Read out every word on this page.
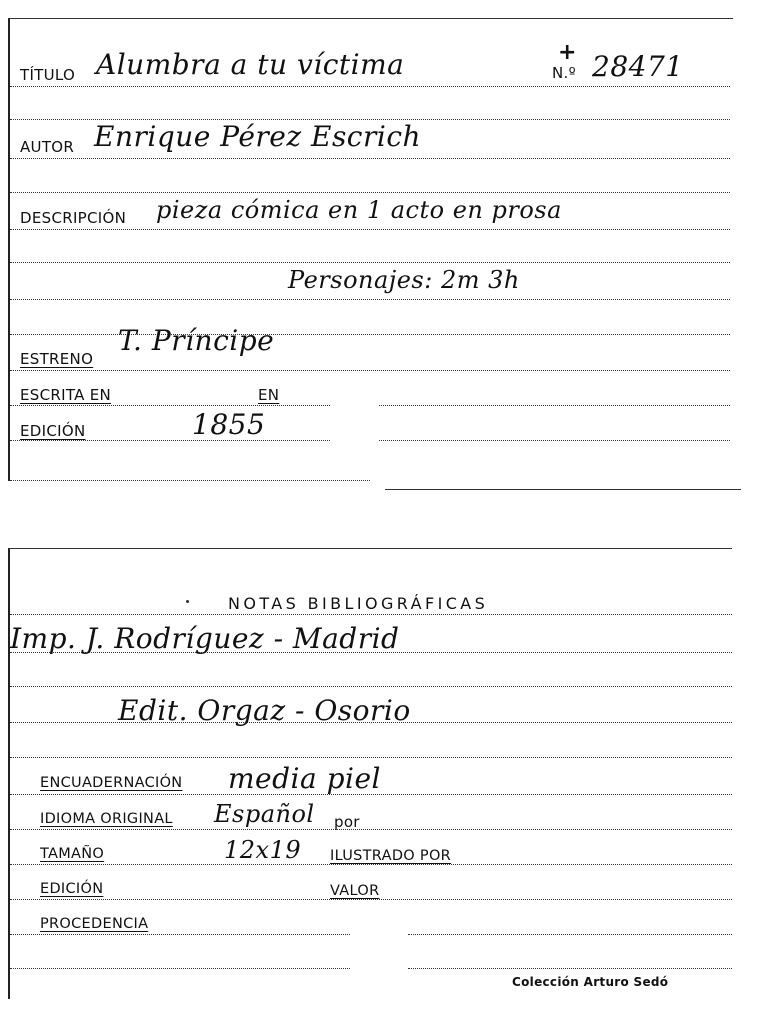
TÍTULO Alumbra a tu víctima	+
N.º 28471
AUTOR Enrique Pérez Escrich
DESCRIPCIÓN pieza cómica en 1 acto en prosa
Personajes: 2m 3h
ESTRENO
T. Príncipe
ESCRITA EN	EN
EDICIÓN	1855
NOTAS BIBLIOGRÁFICAS
Imp. J. Rodríguez - Madrid
Edit. Orgaz - Osorio
ENCUADERNACIÓN media piel
IDIOMA ORIGINAL Español por
TAMAÑO	12x19 ILUSTRADO POR
EDICIÓN	VALOR
PROCEDENCIA
Colección Arturo Sedó
